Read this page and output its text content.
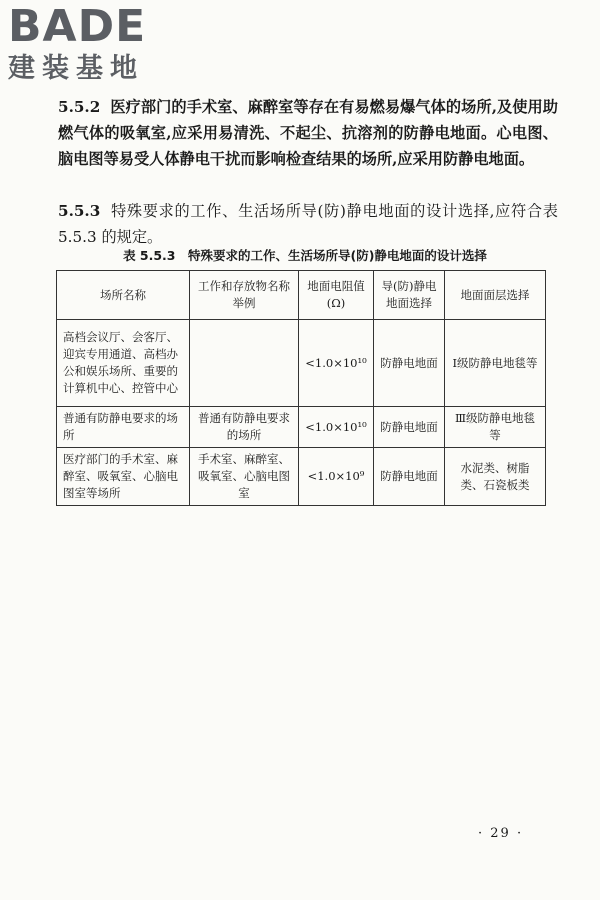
BADE
建装基地
5.5.2 医疗部门的手术室、麻醉室等存在有易燃易爆气体的场所,及使用助燃气体的吸氧室,应采用易清洗、不起尘、抗溶剂的防静电地面。心电图、脑电图等易受人体静电干扰而影响检查结果的场所,应采用防静电地面。
5.5.3 特殊要求的工作、生活场所导(防)静电地面的设计选择,应符合表 5.5.3 的规定。
表 5.5.3　特殊要求的工作、生活场所导(防)静电地面的设计选择
场所名称	工作和存放物名称举例	地面电阻值(Ω)	导(防)静电地面选择	地面面层选择
高档会议厅、会客厅、迎宾专用通道、高档办公和娱乐场所、重要的计算机中心、控管中心		<1.0×10¹⁰	防静电地面	Ⅰ级防静电地毯等
普通有防静电要求的场所	普通有防静电要求的场所	<1.0×10¹⁰	防静电地面	Ⅲ级防静电地毯等
医疗部门的手术室、麻醉室、吸氧室、心脑电图室等场所	手术室、麻醉室、吸氧室、心脑电图室	<1.0×10⁹	防静电地面	水泥类、树脂类、石瓷板类
· 29 ·
